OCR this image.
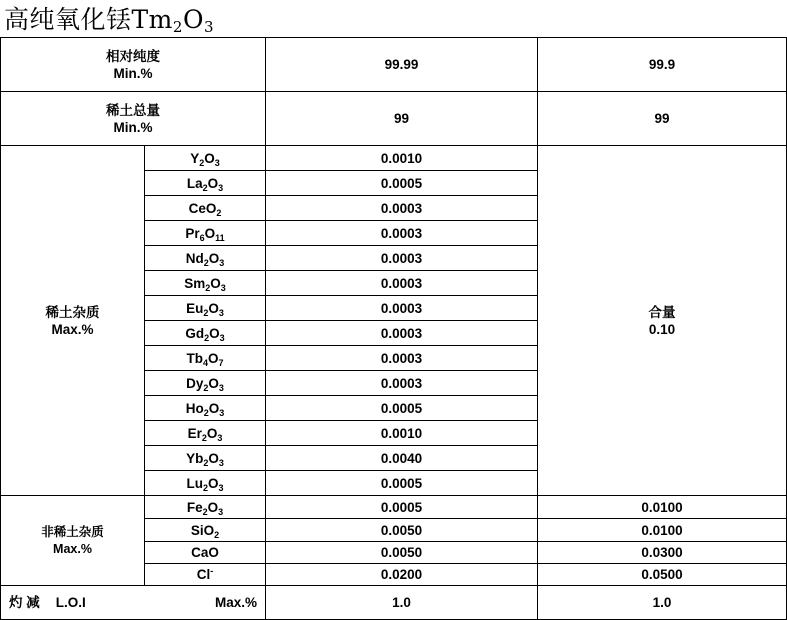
高纯氧化铥$Tm_2O_3$
相对纯度
Min.%		99.99	99.9

稀土总量
Min.%		99	99

稀土杂质
Max.%	$Y_2O_3$	0.0010	合量
0.10

	$La_2O_3$	0.0005	
	CeO$_2$	0.0003	
	$Pr_6O_{11}$	0.0003	
	$Nd_2O_3$	0.0003	
	$Sm_2O_3$	0.0003	
	$Eu_2O_3$	0.0003	
	$Gd_2O_3$	0.0003	
	$Tb_4O_7$	0.0003	
	$Dy_2O_3$	0.0003	
	$Ho_2O_3$	0.0005	
	$Er_2O_3$	0.0010	
	$Yb_2O_3$	0.0040	
	$Lu_2O_3$	0.0005	

非稀土杂质
Max.%	$Fe_2O_3$	0.0005	0.0100
	SiO$_2$	0.0050	0.0100
	CaO	0.0050	0.0300
	Cl-	0.0200	0.0500
灼 减 L.O.I	Max.%	1.0	1.0
